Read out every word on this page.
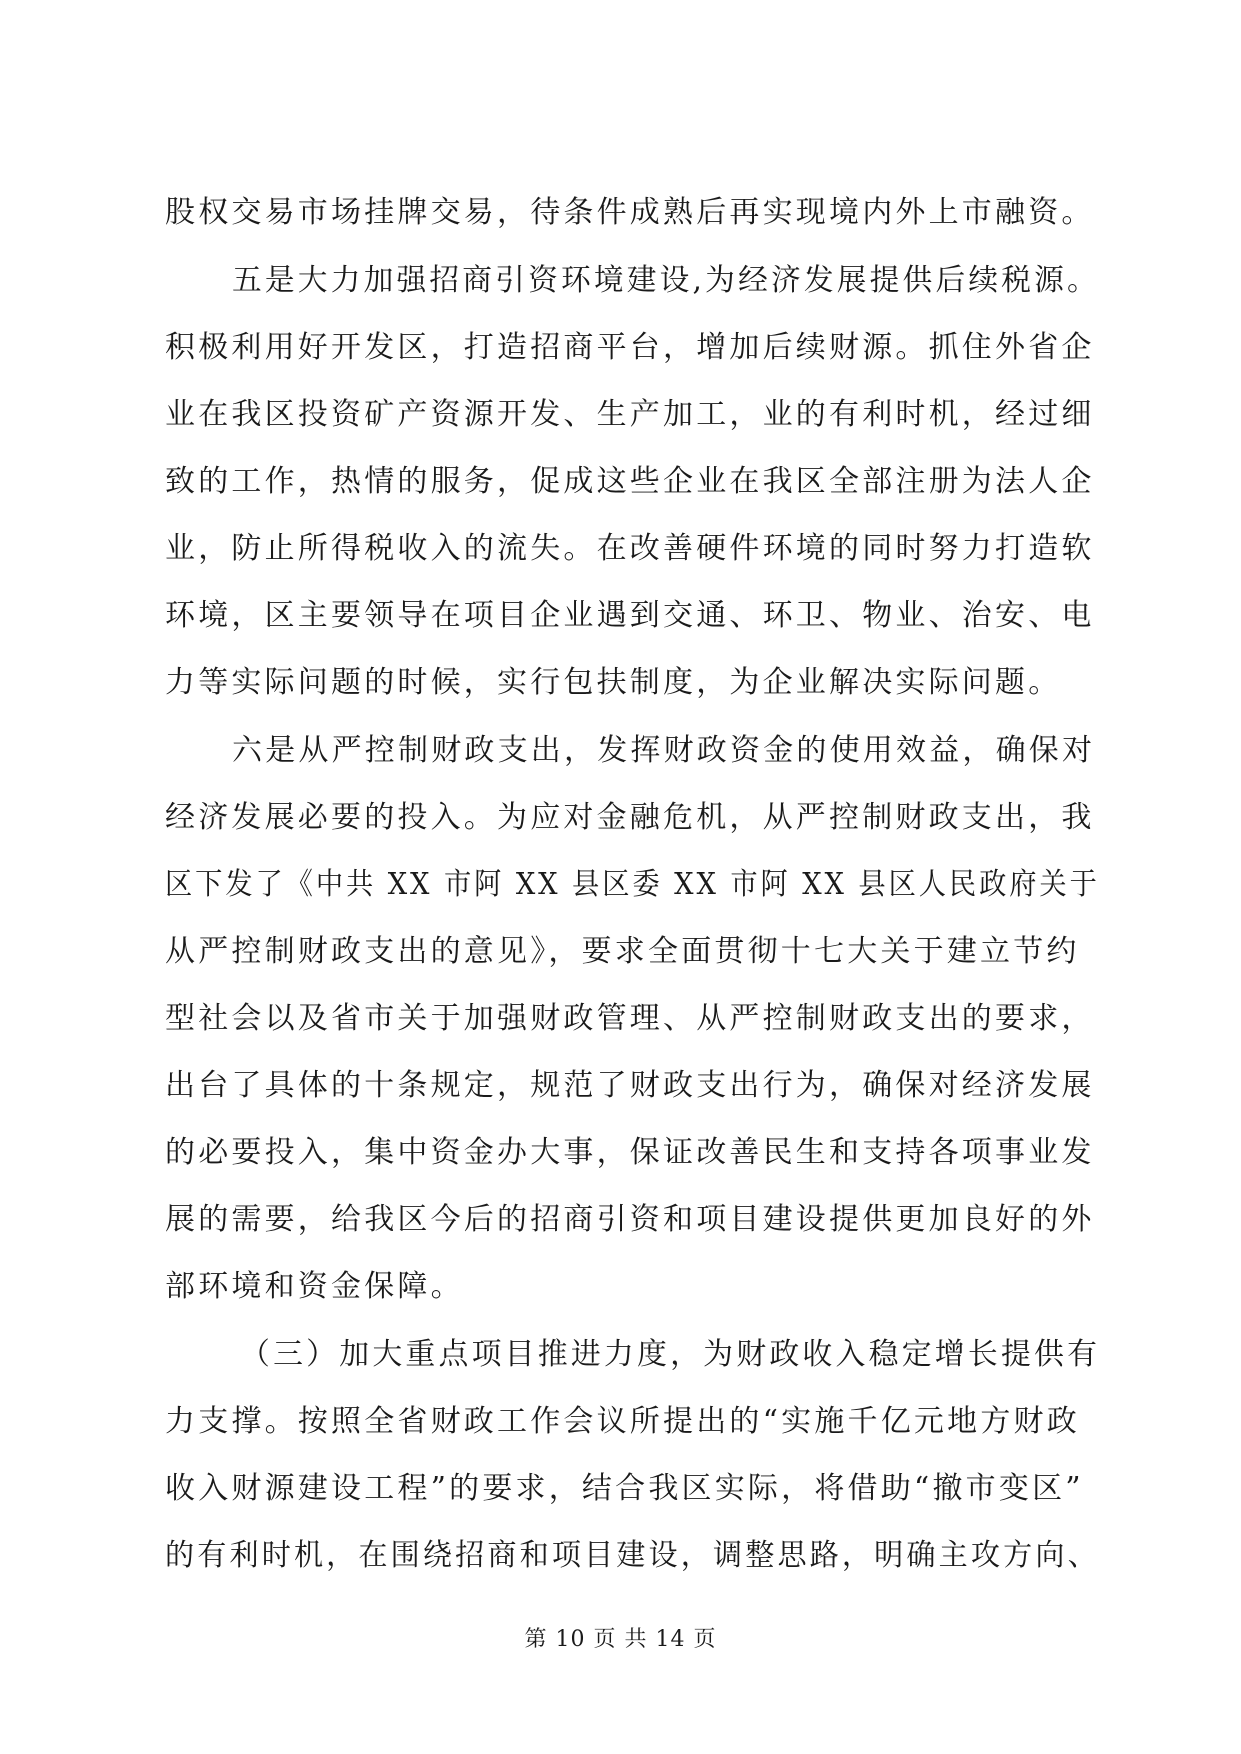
股权交易市场挂牌交易，待条件成熟后再实现境内外上市融资。
五是大力加强招商引资环境建设,为经济发展提供后续税源。
积极利用好开发区，打造招商平台，增加后续财源。抓住外省企
业在我区投资矿产资源开发、生产加工，业的有利时机，经过细
致的工作，热情的服务，促成这些企业在我区全部注册为法人企
业，防止所得税收入的流失。在改善硬件环境的同时努力打造软
环境，区主要领导在项目企业遇到交通、环卫、物业、治安、电
力等实际问题的时候，实行包扶制度，为企业解决实际问题。
六是从严控制财政支出，发挥财政资金的使用效益，确保对
经济发展必要的投入。为应对金融危机，从严控制财政支出，我
区下发了《中共 XX 市阿 XX 县区委 XX 市阿 XX 县区人民政府关于
从严控制财政支出的意见》，要求全面贯彻十七大关于建立节约
型社会以及省市关于加强财政管理、从严控制财政支出的要求，
出台了具体的十条规定，规范了财政支出行为，确保对经济发展
的必要投入，集中资金办大事，保证改善民生和支持各项事业发
展的需要，给我区今后的招商引资和项目建设提供更加良好的外
部环境和资金保障。
（三）加大重点项目推进力度，为财政收入稳定增长提供有
力支撑。按照全省财政工作会议所提出的“实施千亿元地方财政
收入财源建设工程”的要求，结合我区实际，将借助“撤市变区”
的有利时机，在围绕招商和项目建设，调整思路，明确主攻方向、
第 10 页 共 14 页
